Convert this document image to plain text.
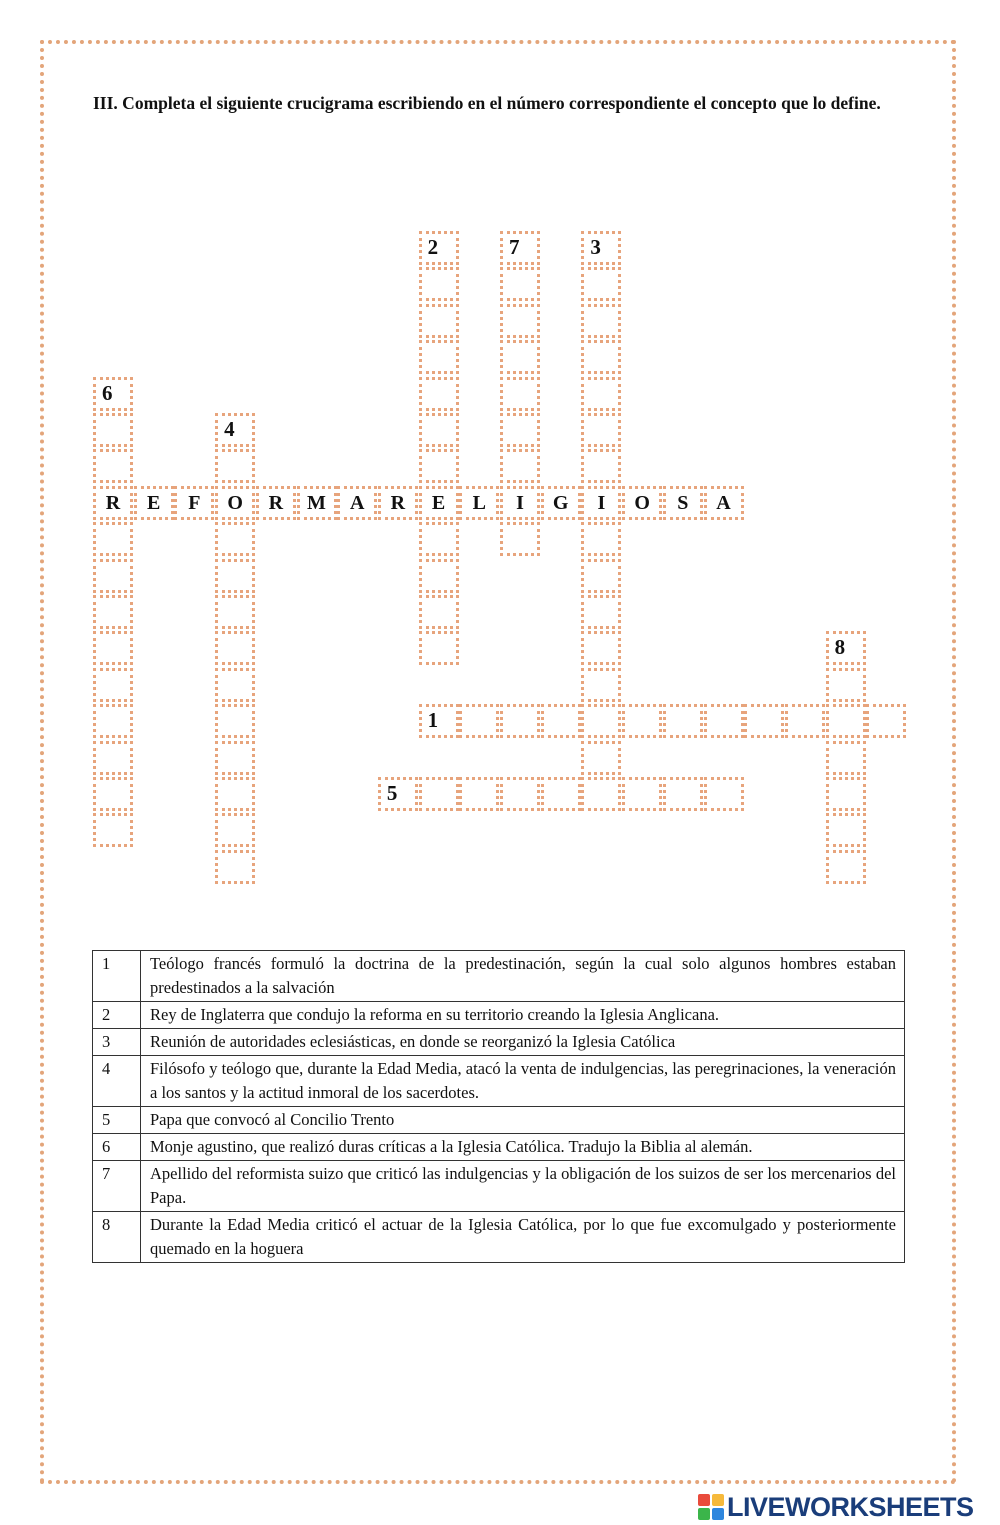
III. Completa el siguiente crucigrama escribiendo en el número correspondiente el concepto que lo define.
R	E	F	O	R	M	A	R	E	L	I	G	I	O	S	A
1
2	3
4
5
6
7
8
1	Teólogo francés formuló la doctrina de la predestinación, según la cual solo algunos hombres estaban predestinados a la salvación
2	Rey de Inglaterra que condujo la reforma en su territorio creando la Iglesia Anglicana.
3	Reunión de autoridades eclesiásticas, en donde se reorganizó la Iglesia Católica
4	Filósofo y teólogo que, durante la Edad Media, atacó la venta de indulgencias, las peregrinaciones, la veneración a los santos y la actitud inmoral de los sacerdotes.
5	Papa que convocó al Concilio Trento
6	Monje agustino, que realizó duras críticas a la Iglesia Católica. Tradujo la Biblia al alemán.
7	Apellido del reformista suizo que criticó las indulgencias y la obligación de los suizos de ser los mercenarios del Papa.
8	Durante la Edad Media criticó el actuar de la Iglesia Católica, por lo que fue excomulgado y posteriormente quemado en la hoguera
LIVEWORKSHEETS
